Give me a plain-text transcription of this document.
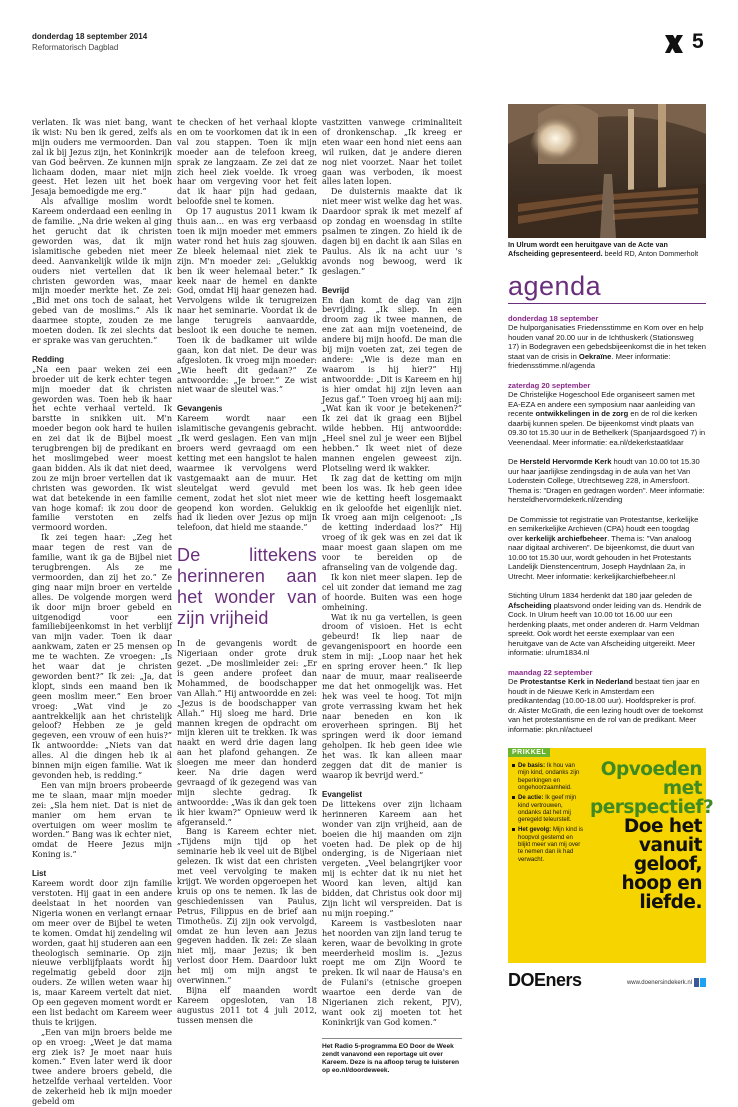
donderdag 18 september 2014
Reformatorisch Dagblad	5

verlaten. Ik was niet bang, want ik wist: Nu ben ik gered, zelfs als mijn ouders me vermoorden. Dan zal ik bij Jezus zijn, het Koninkrijk van God beërven. Ze kunnen mijn lichaam doden, maar niet mijn geest. Het lezen uit het boek Jesaja bemoedigde me erg.”

Als afvallige moslim wordt Kareem onderdaad een eenling in de familie. „Na drie weken al ging het gerucht dat ik christen geworden was, dat ik mijn islamitische gebeden niet meer deed. Aanvankelijk wilde ik mijn ouders niet vertellen dat ik christen geworden was, maar mijn moeder merkte het. Ze zei: „Bid met ons toch de salaat, het gebed van de moslims.” Als ik daarmee stopte, zouden ze me moeten doden. Ik zei slechts dat er sprake was van geruchten.”

Redding

„Na een paar weken zei een broeder uit de kerk echter tegen mijn moeder dat ik christen geworden was. Toen heb ik haar het echte verhaal verteld. Ik barstte in snikken uit. M'n moeder begon ook hard te huilen en zei dat ik de Bijbel moest terugbrengen bij de predikant en het moslimgebed weer moest gaan bidden. Als ik dat niet deed, zou ze mijn broer vertellen dat ik christen was geworden. Ik wist wat dat betekende in een familie van hoge komaf: ik zou door de familie verstoten en zelfs vermoord worden.

Ik zei tegen haar: „Zeg het maar tegen de rest van de familie, want ik ga de Bijbel niet terugbrengen. Als ze me vermoorden, dan zij het zo.” Ze ging naar mijn broer en vertelde alles. De volgende morgen werd ik door mijn broer gebeld en uitgenodigd voor een familiebijeenkomst in het verblijf van mijn vader. Toen ik daar aankwam, zaten er 25 mensen op me te wachten. Ze vroegen: „Is het waar dat je christen geworden bent?” Ik zei: „Ja, dat klopt, sinds een maand ben ik geen moslim meer.” Een broer vroeg: „Wat vind je zo aantrekkelijk aan het christelijk geloof? Hebben ze je geld gegeven, een vrouw of een huis?” Ik antwoordde: „Niets van dat alles. Al die dingen heb ik al binnen mijn eigen familie. Wat ik gevonden heb, is redding.”

Een van mijn broers probeerde me te slaan, maar mijn moeder zei: „Sla hem niet. Dat is niet de manier om hem ervan te overtuigen om weer moslim te worden.” Bang was ik echter niet, omdat de Heere Jezus mijn Koning is.”

List

Kareem wordt door zijn familie verstoten. Hij gaat in een andere deelstaat in het noorden van Nigeria wonen en verlangt ernaar om meer over de Bijbel te weten te komen. Omdat hij zendeling wil worden, gaat hij studeren aan een theologisch seminarie. Op zijn nieuwe verblijfplaats wordt hij regelmatig gebeld door zijn ouders. Ze willen weten waar hij is, maar Kareem vertelt dat niet. Op een gegeven moment wordt er een list bedacht om Kareem weer thuis te krijgen.

„Een van mijn broers belde me op en vroeg: „Weet je dat mama erg ziek is? Je moet naar huis komen.” Even later werd ik door twee andere broers gebeld, die hetzelfde verhaal vertelden. Voor de zekerheid heb ik mijn moeder gebeld om

te checken of het verhaal klopte en om te voorkomen dat ik in een val zou stappen. Toen ik mijn moeder aan de telefoon kreeg, sprak ze langzaam. Ze zei dat ze zich heel ziek voelde. Ik vroeg haar om vergeving voor het feit dat ik haar pijn had gedaan, beloofde snel te komen.

Op 17 augustus 2011 kwam ik thuis aan… en was erg verbaasd toen ik mijn moeder met emmers water rond het huis zag sjouwen. Ze bleek helemaal niet ziek te zijn. M'n moeder zei: „Gelukkig ben ik weer helemaal beter.” Ik keek naar de hemel en dankte God, omdat Hij haar genezen had. Vervolgens wilde ik terugreizen naar het seminarie. Voordat ik de lange terugreis aanvaardde, besloot ik een douche te nemen. Toen ik de badkamer uit wilde gaan, kon dat niet. De deur was afgesloten. Ik vroeg mijn moeder: „Wie heeft dit gedaan?” Ze antwoordde: „Je broer.” Ze wist niet waar de sleutel was.”

Gevangenis

Kareem wordt naar een islamitische gevangenis gebracht. „Ik werd geslagen. Een van mijn broers werd gevraagd om een ketting met een hangslot te halen waarmee ik vervolgens werd vastgemaakt aan de muur. Het sleutelgat werd gevuld met cement, zodat het slot niet meer geopend kon worden. Gelukkig had ik lieden over Jezus op mijn telefoon, dat hield me staande.”

De littekens herinneren aan het wonder van zijn vrijheid

In de gevangenis wordt de Nigeriaan onder grote druk gezet. „De moslimleider zei: „Er is geen andere profeet dan Mohammed, de boodschapper van Allah.” Hij antwoordde en zei: „Jezus is de boodschapper van Allah.” Hij sloeg me hard. Drie mannen kregen de opdracht om mijn kleren uit te trekken. Ik was naakt en werd drie dagen lang aan het plafond gehangen. Ze sloegen me meer dan honderd keer. Na drie dagen werd gevraagd of ik gezegend was van mijn slechte gedrag. Ik antwoordde: „Was ik dan gek toen ik hier kwam?” Opnieuw werd ik afgeranseld.”

Bang is Kareem echter niet. „Tijdens mijn tijd op het seminarie heb ik veel uit de Bijbel gelezen. Ik wist dat een christen met veel vervolging te maken krijgt. We worden opgeroepen het kruis op ons te nemen. Ik las de geschiedenissen van Paulus, Petrus, Filippus en de brief aan Timotheüs. Zij zijn ook vervolgd, omdat ze hun leven aan Jezus gegeven hadden. Ik zei: Ze slaan niet mij, maar Jezus; ik ben verlost door Hem. Daardoor lukt het mij om mijn angst te overwinnen.”

Bijna elf maanden wordt Kareem opgesloten, van 18 augustus 2011 tot 4 juli 2012, tussen mensen die

vastzitten vanwege criminaliteit of dronkenschap. „Ik kreeg er eten waar een hond niet eens aan wil ruiken, dat je andere dieren nog niet voorzet. Naar het toilet gaan was verboden, ik moest alles laten lopen.

De duisternis maakte dat ik niet meer wist welke dag het was. Daardoor sprak ik met mezelf af op zondag en woensdag in stilte psalmen te zingen. Zo hield ik de dagen bij en dacht ik aan Silas en Paulus. Als ik na acht uur 's avonds nog bewoog, werd ik geslagen.”

Bevrijd

En dan komt de dag van zijn bevrijding. „Ik sliep. In een droom zag ik twee mannen, de ene zat aan mijn voeteneind, de andere bij mijn hoofd. De man die bij mijn voeten zat, zei tegen de andere: „Wie is deze man en waarom is hij hier?” Hij antwoordde: „Dit is Kareem en hij is hier omdat hij zijn leven aan Jezus gaf.” Toen vroeg hij aan mij: „Wat kan ik voor je betekenen?” Ik zei dat ik graag een Bijbel wilde hebben. Hij antwoordde: „Heel snel zul je weer een Bijbel hebben.” Ik weet niet of deze mannen engelen geweest zijn. Plotseling werd ik wakker.

Ik zag dat de ketting om mijn been los was. Ik heb geen idee wie de ketting heeft losgemaakt en ik geloofde het eigenlijk niet. Ik vroeg aan mijn celgenoot: „Is de ketting inderdaad los?” Hij vroeg of ik gek was en zei dat ik maar moest gaan slapen om me voor te bereiden op de afranseling van de volgende dag.

Ik kon niet meer slapen. Iep de cel uit zonder dat iemand me zag of hoorde. Buiten was een hoge omheining.

Wat ik nu ga vertellen, is geen droom of visioen. Het is echt gebeurd! Ik liep naar de gevangenispoort en hoorde een stem in mij: „Loop naar het hek en spring erover heen.” Ik liep naar de muur, maar realiseerde me dat het onmogelijk was. Het hek was veel te hoog. Tot mijn grote verrassing kwam het hek naar beneden en kon ik eroverheen springen. Bij het springen werd ik door iemand geholpen. Ik heb geen idee wie het was. Ik kan alleen maar zeggen dat dit de manier is waarop ik bevrijd werd.”

Evangelist

De littekens over zijn lichaam herinneren Kareem aan het wonder van zijn vrijheid, aan de boeien die hij maanden om zijn voeten had. De plek op de hij onderging, is de Nigeriaan niet vergeten. „Veel belangrijker voor mij is echter dat ik nu niet het Woord kan leven, altijd kan bidden, dat Christus ook door mij Zijn licht wil verspreiden. Dat is nu mijn roeping.”

Kareem is vastbesloten naar het noorden van zijn land terug te keren, waar de bevolking in grote meerderheid moslim is. „Jezus roept me om Zijn Woord te preken. Ik wil naar de Hausa's en de Fulani's (etnische groepen waartoe een derde van de Nigerianen zich rekent, PJV), want ook zij moeten tot het Koninkrijk van God komen.”

Het Radio 5-programma EO Door de Week zendt vanavond een reportage uit over Kareem. Deze is na afloop terug te luisteren op eo.nl/doordeweek.
In Ulrum wordt een heruitgave van de Acte van Afscheiding gepresenteerd. beeld RD, Anton Dommerholt
agenda
donderdag 18 september
De hulporganisaties Friedensstimme en Kom over en help houden vanaf 20.00 uur in de Ichthuskerk (Stationsweg 17) in Bodegraven een gebedsbijeenkomst die in het teken staat van de crisis in Oekraïne. Meer informatie: friedensstimme.nl/agenda
zaterdag 20 september
De Christelijke Hogeschool Ede organiseert samen met EA-EZA en andere een symposium naar aanleiding van recente ontwikkelingen in de zorg en de rol die kerken daarbij kunnen spelen. De bijeenkomst vindt plaats van 09.30 tot 15.30 uur in de Bethelkerk (Spanjaardsgoed 7) in Veenendaal. Meer informatie: ea.nl/dekerkstaatklaar
De Hersteld Hervormde Kerk houdt van 10.00 tot 15.30 uur haar jaarlijkse zendingsdag in de aula van het Van Lodenstein College, Utrechtseweg 228, in Amersfoort. Thema is: "Dragen en gedragen worden". Meer informatie: hersteldhervormdekerk.nl/zending
De Commissie tot registratie van Protestantse, kerkelijke en semikerkelijke Archieven (CPA) houdt een toogdag over kerkelijk archiefbeheer. Thema is: "Van analoog naar digitaal archiveren". De bijeenkomst, die duurt van 10.00 tot 15.30 uur, wordt gehouden in het Protestants Landelijk Dienstencentrum, Joseph Haydnlaan 2a, in Utrecht. Meer informatie: kerkelijkarchiefbeheer.nl
Stichting Ulrum 1834 herdenkt dat 180 jaar geleden de Afscheiding plaatsvond onder leiding van ds. Hendrik de Cock. In Ulrum heeft van 10.00 tot 16.00 uur een herdenking plaats, met onder anderen dr. Harm Veldman spreekt. Ook wordt het eerste exemplaar van een heruitgave van de Acte van Afscheiding uitgereikt. Meer informatie: ulrum1834.nl
maandag 22 september
De Protestantse Kerk in Nederland bestaat tien jaar en houdt in de Nieuwe Kerk in Amsterdam een predikantendag (10.00-18.00 uur). Hoofdspreker is prof. dr. Alister McGrath, die een lezing houdt over de toekomst van het protestantisme en de rol van de predikant. Meer informatie: pkn.nl/actueel
PRIKKEL
De basis: Ik hou van mijn kind, ondanks zijn beperkingen en ongehoorzaamheid.
De actie: Ik geef mijn kind vertrouwen, ondanks dat het mij geregeld teleurstelt.
Het gevolg: Mijn kind is hoopvol gestemd en blijkt meer van mij over te nemen dan ik had verwacht.
Opvoeden met perspectief?
Doe het vanuit geloof, hoop en liefde.
DOEners	www.doenersindekerk.nl
